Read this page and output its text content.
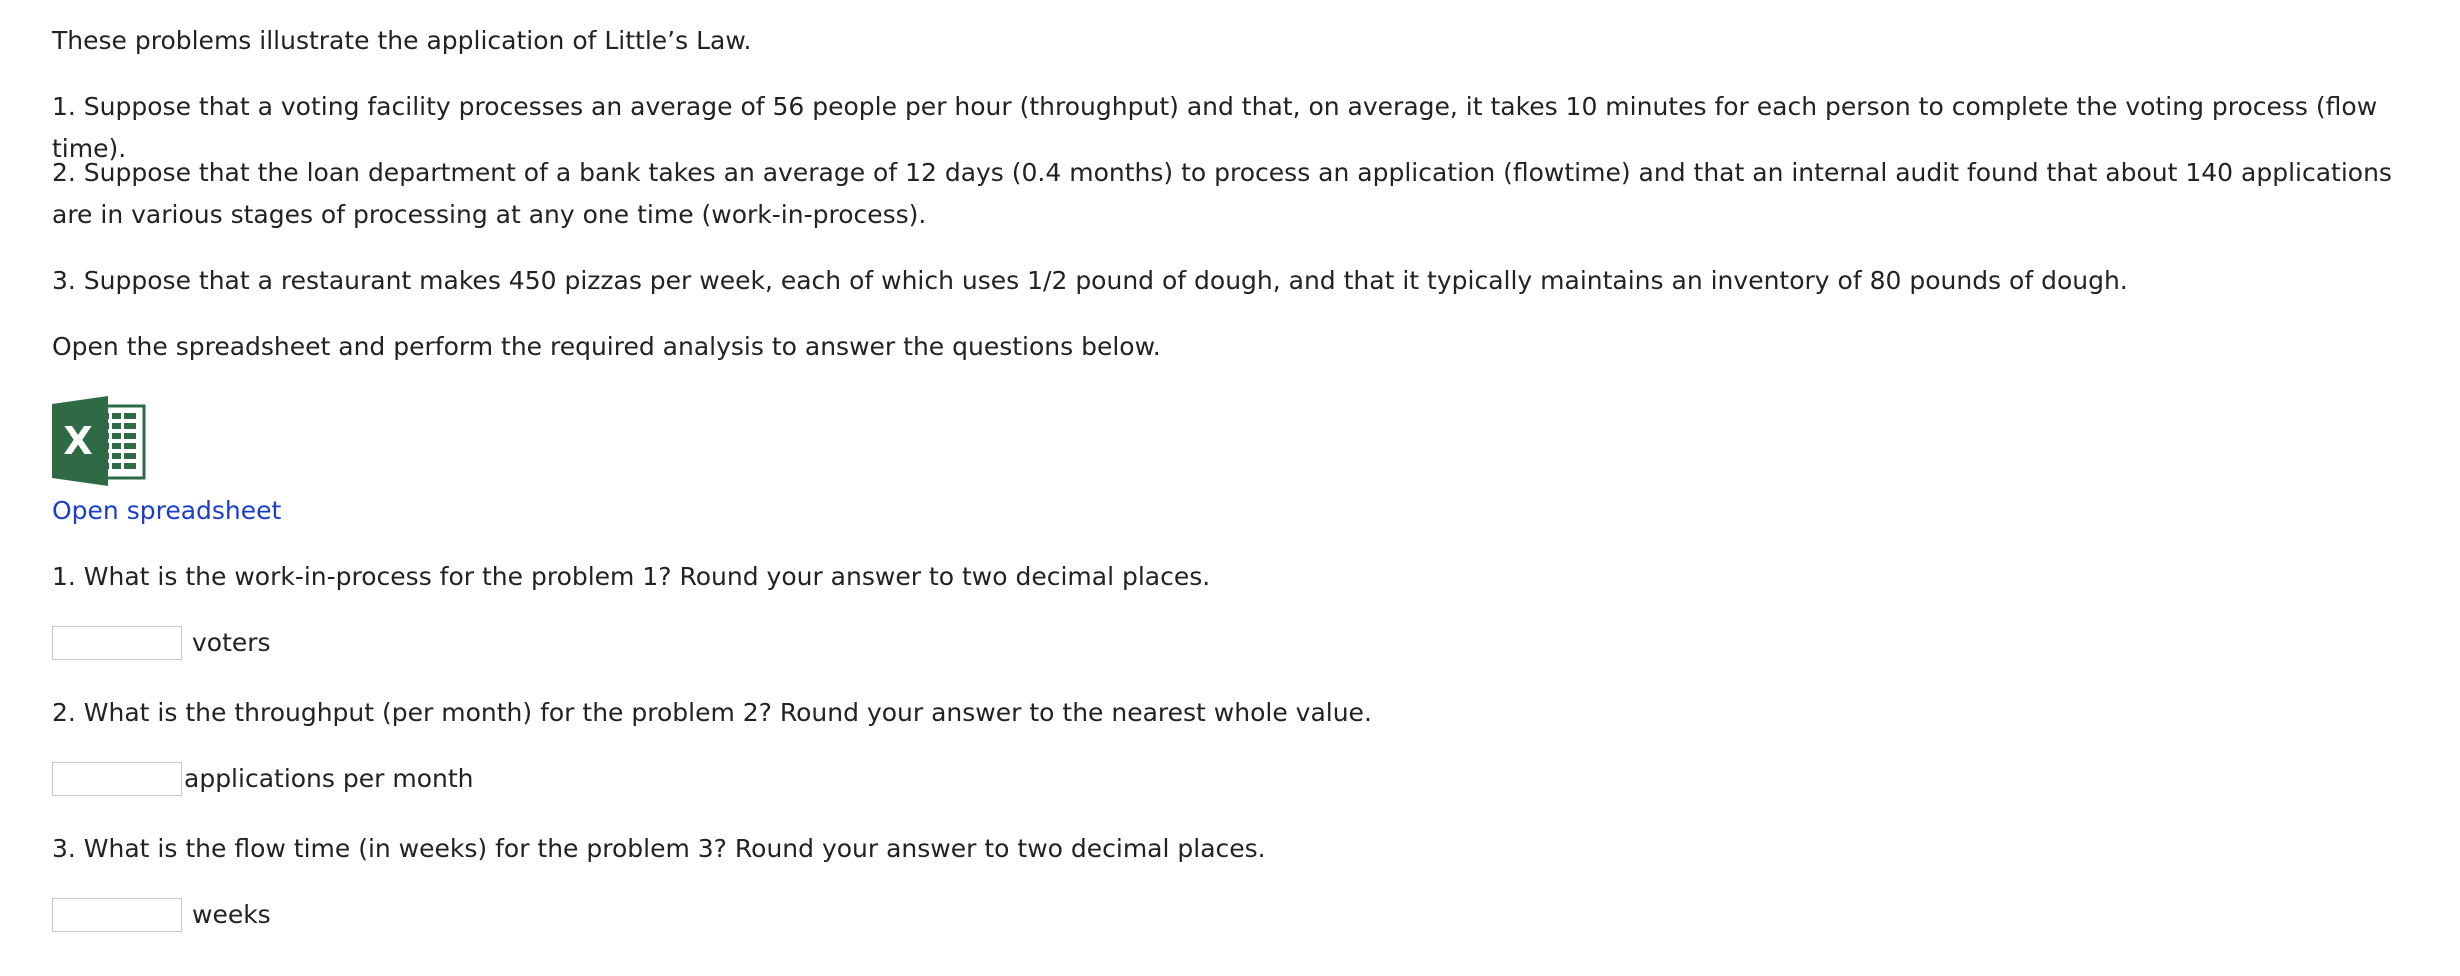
These problems illustrate the application of Little’s Law.

1. Suppose that a voting facility processes an average of 56 people per hour (throughput) and that, on average, it takes 10 minutes for each person to complete the voting process (flow time).

2. Suppose that the loan department of a bank takes an average of 12 days (0.4 months) to process an application (flowtime) and that an internal audit found that about 140 applications are in various stages of processing at any one time (work-in-process).

3. Suppose that a restaurant makes 450 pizzas per week, each of which uses 1/2 pound of dough, and that it typically maintains an inventory of 80 pounds of dough.

Open the spreadsheet and perform the required analysis to answer the questions below.

X
Open spreadsheet

1. What is the work-in-process for the problem 1? Round your answer to two decimal places.

voters

2. What is the throughput (per month) for the problem 2? Round your answer to the nearest whole value.

applications per month

3. What is the flow time (in weeks) for the problem 3? Round your answer to two decimal places.

weeks
